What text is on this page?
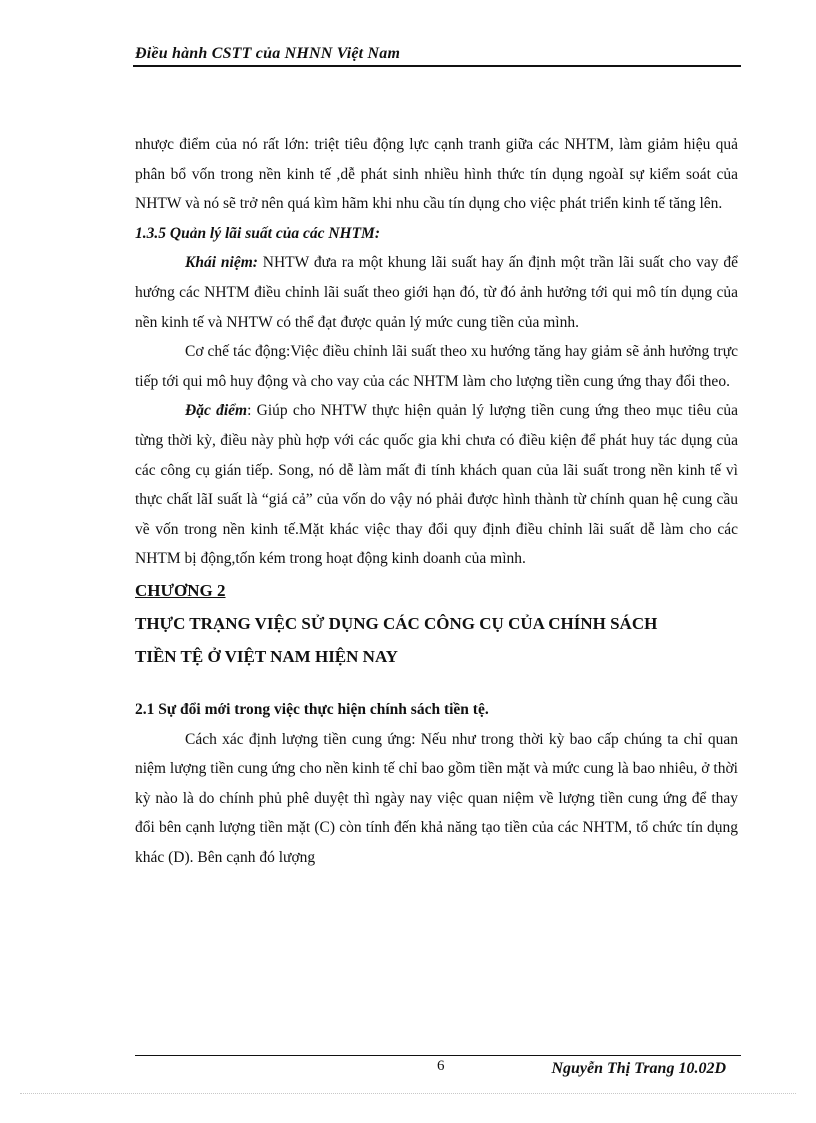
Điều hành CSTT của NHNN Việt Nam

nhược điểm của nó rất lớn: triệt tiêu động lực cạnh tranh giữa các NHTM, làm giảm hiệu quả phân bổ vốn trong nền kinh tế ,dễ phát sinh nhiều hình thức tín dụng ngoàI sự kiểm soát của NHTW và nó sẽ trở nên quá kìm hãm khi nhu cầu tín dụng cho việc phát triển kinh tế tăng lên.

1.3.5 Quản lý lãi suất của các NHTM:

Khái niệm: NHTW đưa ra một khung lãi suất hay ấn định một trần lãi suất cho vay để hướng các NHTM điều chỉnh lãi suất theo giới hạn đó, từ đó ảnh hưởng tới qui mô tín dụng của nền kinh tế và NHTW có thể đạt được quản lý mức cung tiền của mình.

Cơ chế tác động:Việc điều chỉnh lãi suất theo xu hướng tăng hay giảm sẽ ảnh hưởng trực tiếp tới qui mô huy động và cho vay của các NHTM làm cho lượng tiền cung ứng thay đổi theo.

Đặc điểm: Giúp cho NHTW thực hiện quản lý lượng tiền cung ứng theo mục tiêu của từng thời kỳ, điều này phù hợp với các quốc gia khi chưa có điều kiện để phát huy tác dụng của các công cụ gián tiếp. Song, nó dễ làm mất đi tính khách quan của lãi suất trong nền kinh tế vì thực chất lãI suất là “giá cả” của vốn do vậy nó phải được hình thành từ chính quan hệ cung cầu về vốn trong nền kinh tế.Mặt khác việc thay đổi quy định điều chỉnh lãi suất dễ làm cho các NHTM bị động,tốn kém trong hoạt động kinh doanh của mình.

CHƯƠNG 2

THỰC TRẠNG VIỆC SỬ DỤNG CÁC CÔNG CỤ CỦA CHÍNH SÁCH

TIỀN TỆ Ở VIỆT NAM HIỆN NAY

2.1 Sự đổi mới trong việc thực hiện chính sách tiền tệ.

Cách xác định lượng tiền cung ứng: Nếu như trong thời kỳ bao cấp chúng ta chỉ quan niệm lượng tiền cung ứng cho nền kinh tế chỉ bao gồm tiền mặt và mức cung là bao nhiêu, ở thời kỳ nào là do chính phủ phê duyệt thì ngày nay việc quan niệm về lượng tiền cung ứng để thay đổi bên cạnh lượng tiền mặt (C) còn tính đến khả năng tạo tiền của các NHTM, tổ chức tín dụng khác (D). Bên cạnh đó lượng

6	Nguyễn Thị Trang 10.02D
